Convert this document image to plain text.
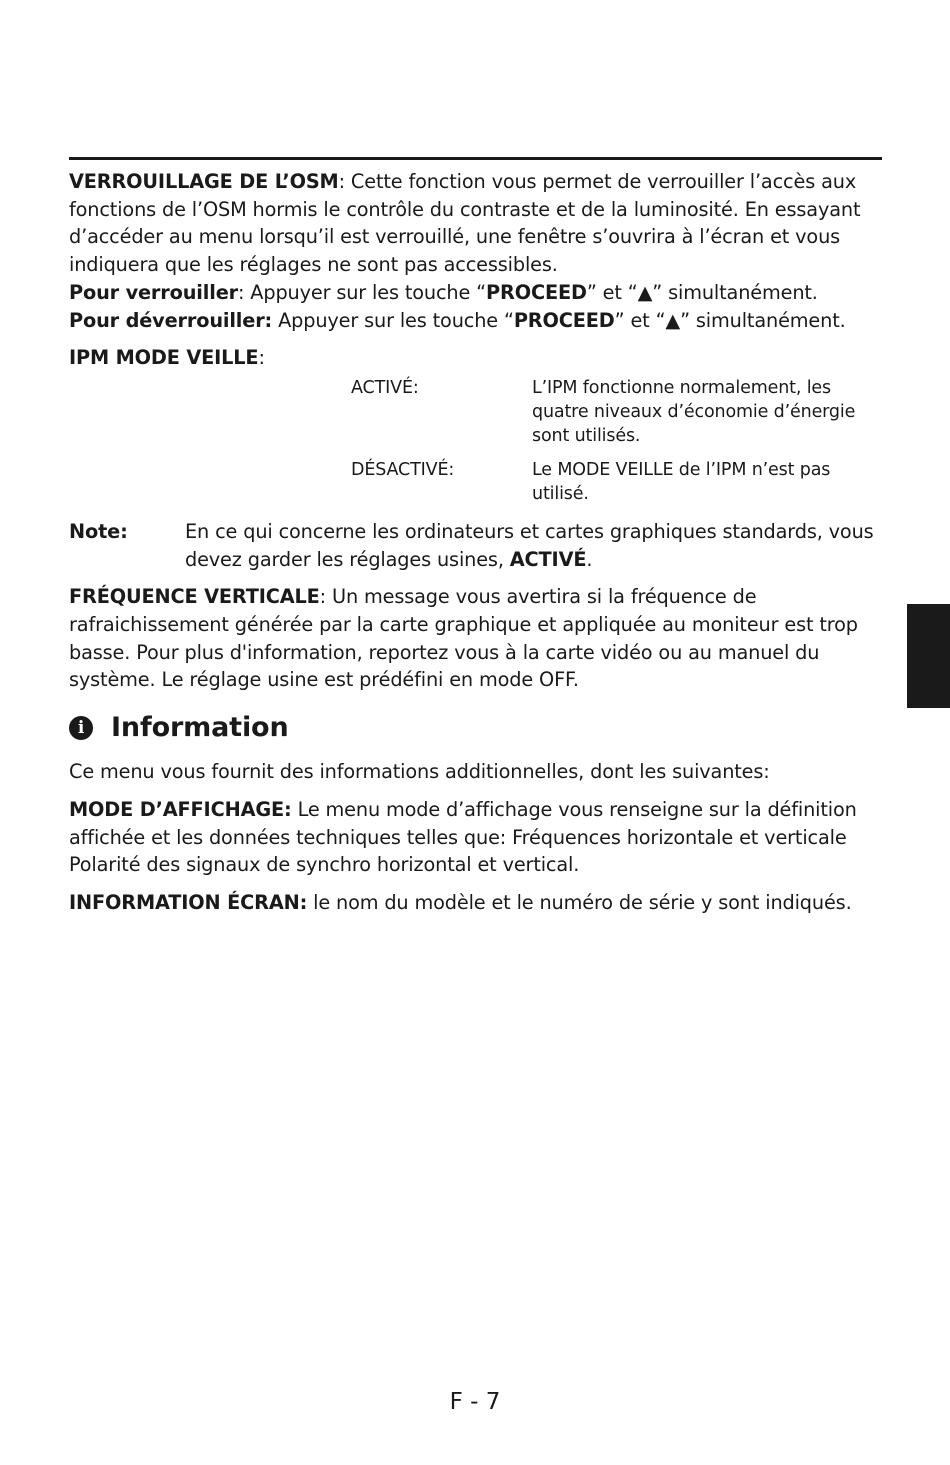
VERROUILLAGE DE L’OSM: Cette fonction vous permet de verrouiller l’accès aux fonctions de l’OSM hormis le contrôle du contraste et de la luminosité. En essayant d’accéder au menu lorsqu’il est verrouillé, une fenêtre s’ouvrira à l’écran et vous indiquera que les réglages ne sont pas accessibles.

Pour verrouiller: Appuyer sur les touche “PROCEED” et “▲” simultanément.

Pour déverrouiller: Appuyer sur les touche “PROCEED” et “▲” simultanément.

IPM MODE VEILLE:

ACTIVÉ:	L’IPM fonctionne normalement, les quatre niveaux d’économie d’énergie sont utilisés.
DÉSACTIVÉ:	Le MODE VEILLE de l’IPM n’est pas utilisé.
Note:	En ce qui concerne les ordinateurs et cartes graphiques standards, vous devez garder les réglages usines, ACTIVÉ.

FRÉQUENCE VERTICALE: Un message vous avertira si la fréquence de rafraichissement générée par la carte graphique et appliquée au moniteur est trop basse. Pour plus d'information, reportez vous à la carte vidéo ou au manuel du système. Le réglage usine est prédéfini en mode OFF.

i Information

Ce menu vous fournit des informations additionnelles, dont les suivantes:

MODE D’AFFICHAGE: Le menu mode d’affichage vous renseigne sur la définition affichée et les données techniques telles que: Fréquences horizontale et verticale Polarité des signaux de synchro horizontal et vertical.

INFORMATION ÉCRAN: le nom du modèle et le numéro de série y sont indiqués.

F - 7
